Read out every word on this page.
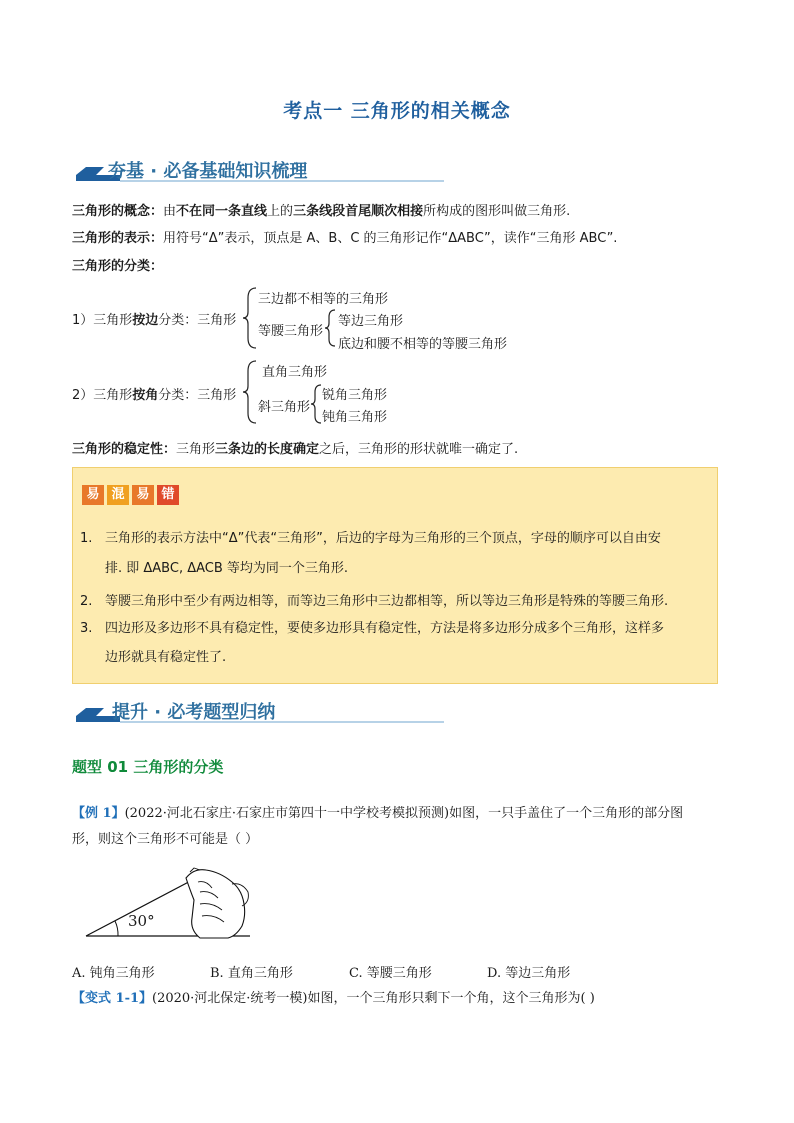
考点一 三角形的相关概念
夯基 · 必备基础知识梳理
三角形的概念：由不在同一条直线上的三条线段首尾顺次相接所构成的图形叫做三角形.
三角形的表示：用符号“Δ”表示，顶点是 A、B、C 的三角形记作“ΔABC”，读作“三角形 ABC”.
三角形的分类：
1）三角形按边分类：三角形
三边都不相等的三角形
等腰三角形
等边三角形
底边和腰不相等的等腰三角形
2）三角形按角分类：三角形
直角三角形
斜三角形
锐角三角形
钝角三角形
三角形的稳定性：三角形三条边的长度确定之后，三角形的形状就唯一确定了.
易 混 易 错
1. 三角形的表示方法中“Δ”代表“三角形”，后边的字母为三角形的三个顶点，字母的顺序可以自由安
排. 即 ΔABC, ΔACB 等均为同一个三角形.
2. 等腰三角形中至少有两边相等，而等边三角形中三边都相等，所以等边三角形是特殊的等腰三角形.
3. 四边形及多边形不具有稳定性，要使多边形具有稳定性，方法是将多边形分成多个三角形，这样多
边形就具有稳定性了.
提升 · 必考题型归纳
题型 01 三角形的分类
【例 1】(2022·河北石家庄·石家庄市第四十一中学校考模拟预测)如图，一只手盖住了一个三角形的部分图
形，则这个三角形不可能是（ ）
30°
A. 钝角三角形	B. 直角三角形	C. 等腰三角形	D. 等边三角形
【变式 1-1】(2020·河北保定·统考一模)如图，一个三角形只剩下一个角，这个三角形为( )
